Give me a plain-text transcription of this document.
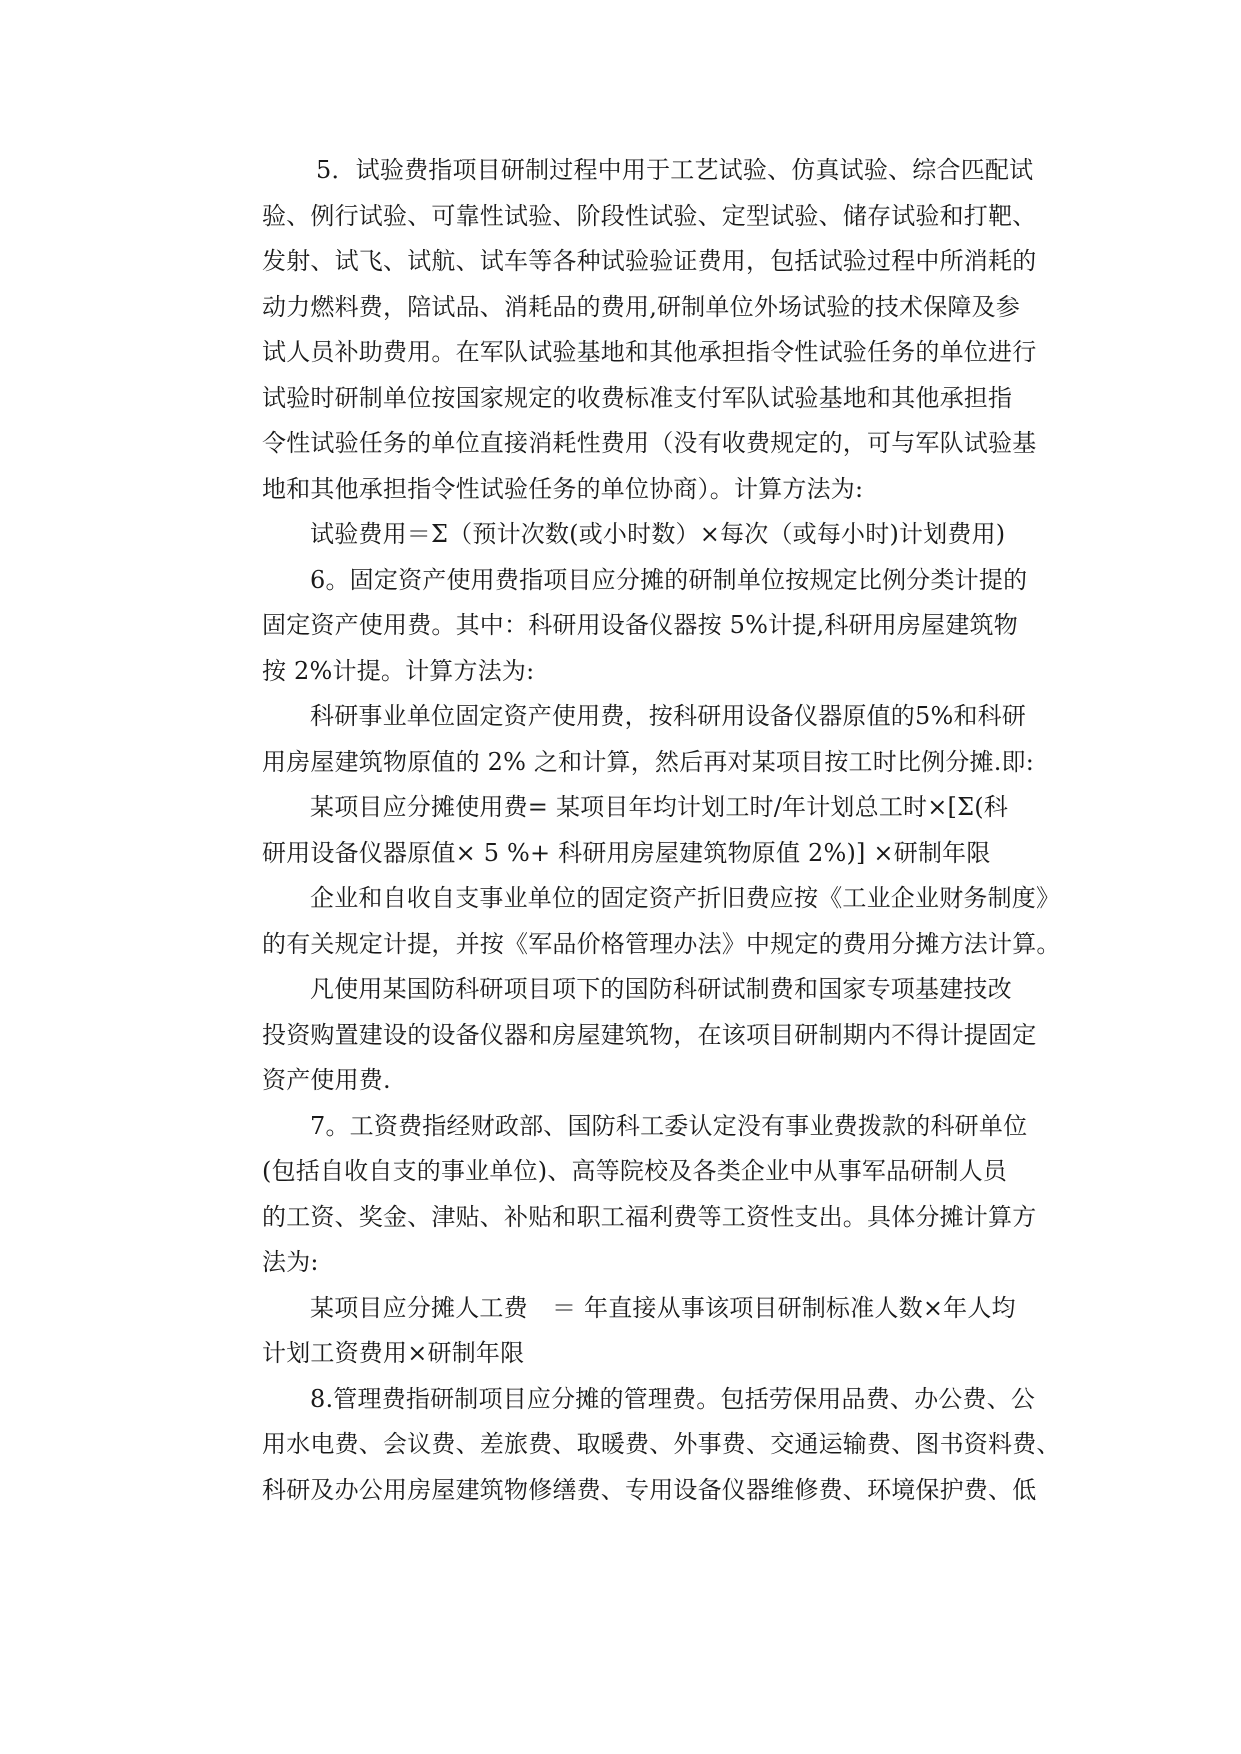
5．试验费指项目研制过程中用于工艺试验、仿真试验、综合匹配试
验、例行试验、可靠性试验、阶段性试验、定型试验、储存试验和打靶、
发射、试飞、试航、试车等各种试验验证费用，包括试验过程中所消耗的
动力燃料费，陪试品、消耗品的费用,研制单位外场试验的技术保障及参
试人员补助费用。在军队试验基地和其他承担指令性试验任务的单位进行
试验时研制单位按国家规定的收费标准支付军队试验基地和其他承担指
令性试验任务的单位直接消耗性费用（没有收费规定的，可与军队试验基
地和其他承担指令性试验任务的单位协商）。计算方法为:
试验费用＝Σ（预计次数(或小时数）×每次（或每小时)计划费用)
6。固定资产使用费指项目应分摊的研制单位按规定比例分类计提的
固定资产使用费。其中：科研用设备仪器按 5%计提,科研用房屋建筑物
按 2%计提。计算方法为:
科研事业单位固定资产使用费，按科研用设备仪器原值的5%和科研
用房屋建筑物原值的 2% 之和计算，然后再对某项目按工时比例分摊.即:
某项目应分摊使用费= 某项目年均计划工时/年计划总工时×[Σ(科
研用设备仪器原值× 5 %+ 科研用房屋建筑物原值 2%)] ×研制年限
企业和自收自支事业单位的固定资产折旧费应按《工业企业财务制度》
的有关规定计提，并按《军品价格管理办法》中规定的费用分摊方法计算。
凡使用某国防科研项目项下的国防科研试制费和国家专项基建技改
投资购置建设的设备仪器和房屋建筑物，在该项目研制期内不得计提固定
资产使用费.
7。工资费指经财政部、国防科工委认定没有事业费拨款的科研单位
(包括自收自支的事业单位)、高等院校及各类企业中从事军品研制人员
的工资、奖金、津贴、补贴和职工福利费等工资性支出。具体分摊计算方
法为:
某项目应分摊人工费　＝ 年直接从事该项目研制标准人数×年人均
计划工资费用×研制年限
8.管理费指研制项目应分摊的管理费。包括劳保用品费、办公费、公
用水电费、会议费、差旅费、取暖费、外事费、交通运输费、图书资料费、
科研及办公用房屋建筑物修缮费、专用设备仪器维修费、环境保护费、低
